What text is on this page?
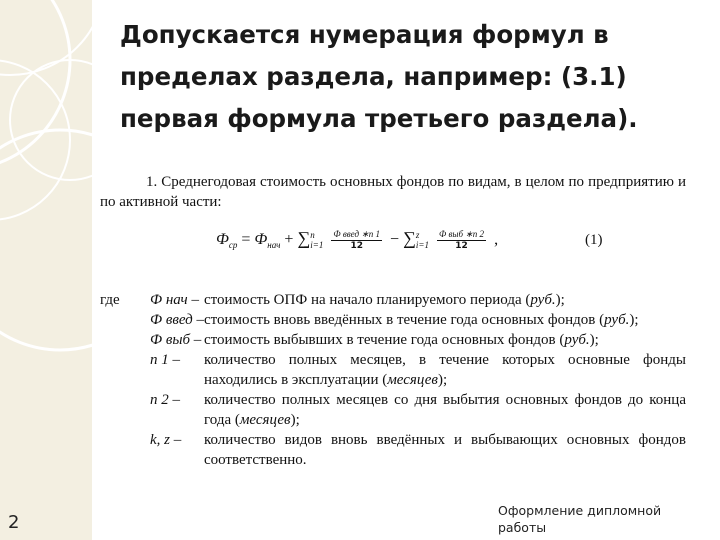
Допускается нумерация формул в
пределах раздела, например: (3.1)
первая формула третьего раздела).

1. Среднегодовая стоимость основных фондов по видам, в целом по предприятию и по активной части:

$Ф_{ср} = Ф_{нач} + \sum n$
$i=1 \frac{\text{Ф введ ∗n 1}}{12} - \sum z$
$i=1 \frac{\text{Ф выб ∗n 2}}{12}$ ,	(1)
где	Ф нач –	стоимость ОПФ на начало планируемого периода (руб.);
	Ф введ –	стоимость вновь введённых в течение года основных фондов (руб.);
	Ф выб –	стоимость выбывших в течение года основных фондов (руб.);
	n 1 –	количество полных месяцев, в течение которых основные фонды находились в эксплуатации (месяцев);
	n 2 –	количество полных месяцев со дня выбытия основных фондов до конца года (месяцев);
	k, z –	количество видов вновь введённых и выбывающих основных фондов соответственно.
2
Оформление дипломной работы
